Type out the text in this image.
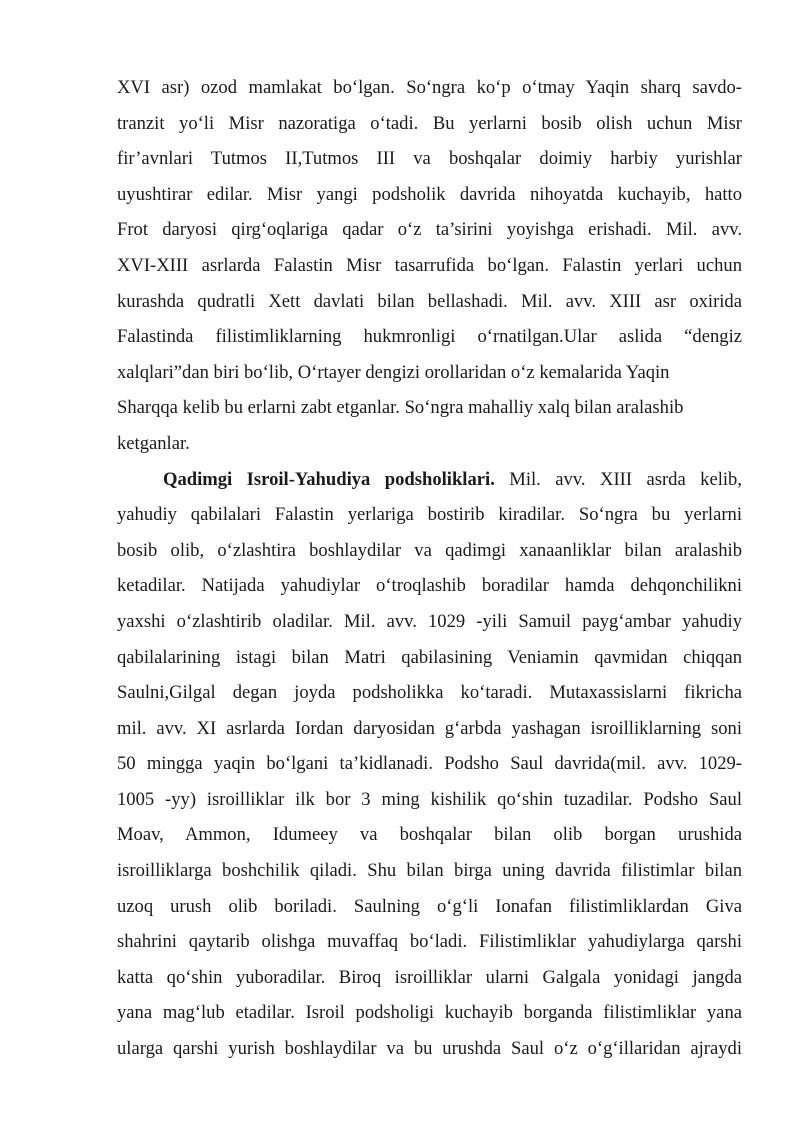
XVI asr) ozod mamlakat bo‘lgan. So‘ngra ko‘p o‘tmay Yaqin sharq savdo-
tranzit yo‘li Misr nazoratiga o‘tadi. Bu yerlarni bosib olish uchun Misr
fir’avnlari Tutmos II,Tutmos III va boshqalar doimiy harbiy yurishlar
uyushtirar edilar. Misr yangi podsholik davrida nihoyatda kuchayib, hatto
Frot daryosi qirg‘oqlariga qadar o‘z ta’sirini yoyishga erishadi. Mil. avv.
XVI-XIII asrlarda Falastin Misr tasarrufida bo‘lgan. Falastin yerlari uchun
kurashda qudratli Xett davlati bilan bellashadi. Mil. avv. XIII asr oxirida
Falastinda filistimliklarning hukmronligi o‘rnatilgan.Ular aslida “dengiz
xalqlari”dan biri bo‘lib, O‘rtayer dengizi orollaridan o‘z kemalarida Yaqin
Sharqqa kelib bu erlarni zabt etganlar. So‘ngra mahalliy xalq bilan aralashib
ketganlar.
Qadimgi Isroil-Yahudiya podsholiklari. Mil. avv. XIII asrda kelib,
yahudiy qabilalari Falastin yerlariga bostirib kiradilar. So‘ngra bu yerlarni
bosib olib, o‘zlashtira boshlaydilar va qadimgi xanaanliklar bilan aralashib
ketadilar. Natijada yahudiylar o‘troqlashib boradilar hamda dehqonchilikni
yaxshi o‘zlashtirib oladilar. Mil. avv. 1029 -yili Samuil payg‘ambar yahudiy
qabilalarining istagi bilan Matri qabilasining Veniamin qavmidan chiqqan
Saulni,Gilgal degan joyda podsholikka ko‘taradi. Mutaxassislarni fikricha
mil. avv. XI asrlarda Iordan daryosidan g‘arbda yashagan isroilliklarning soni
50 mingga yaqin bo‘lgani ta’kidlanadi. Podsho Saul davrida(mil. avv. 1029-
1005 -yy) isroilliklar ilk bor 3 ming kishilik qo‘shin tuzadilar. Podsho Saul
Moav, Ammon, Idumeey va boshqalar bilan olib borgan urushida
isroilliklarga boshchilik qiladi. Shu bilan birga uning davrida filistimlar bilan
uzoq urush olib boriladi. Saulning o‘g‘li Ionafan filistimliklardan Giva
shahrini qaytarib olishga muvaffaq bo‘ladi. Filistimliklar yahudiylarga qarshi
katta qo‘shin yuboradilar. Biroq isroilliklar ularni Galgala yonidagi jangda
yana mag‘lub etadilar. Isroil podsholigi kuchayib borganda filistimliklar yana
ularga qarshi yurish boshlaydilar va bu urushda Saul o‘z o‘g‘illaridan ajraydi
